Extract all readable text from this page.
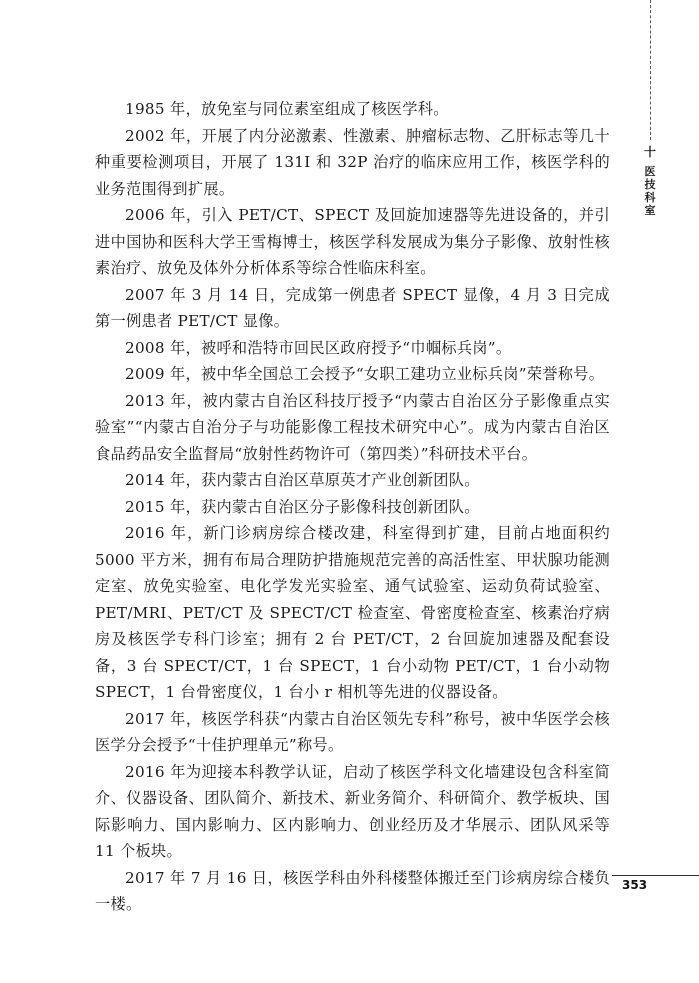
十
医
技
科
室

1985 年，放免室与同位素室组成了核医学科。

2002 年，开展了内分泌激素、性激素、肿瘤标志物、乙肝标志等几十种重要检测项目，开展了 131I 和 32P 治疗的临床应用工作，核医学科的业务范围得到扩展。

2006 年，引入 PET/CT、SPECT 及回旋加速器等先进设备的，并引进中国协和医科大学王雪梅博士，核医学科发展成为集分子影像、放射性核素治疗、放免及体外分析体系等综合性临床科室。

2007 年 3 月 14 日，完成第一例患者 SPECT 显像，4 月 3 日完成第一例患者 PET/CT 显像。

2008 年，被呼和浩特市回民区政府授予“巾帼标兵岗”。

2009 年，被中华全国总工会授予“女职工建功立业标兵岗”荣誉称号。

2013 年，被内蒙古自治区科技厅授予“内蒙古自治区分子影像重点实验室”“内蒙古自治分子与功能影像工程技术研究中心”。成为内蒙古自治区食品药品安全监督局“放射性药物许可（第四类）”科研技术平台。

2014 年，获内蒙古自治区草原英才产业创新团队。

2015 年，获内蒙古自治区分子影像科技创新团队。

2016 年，新门诊病房综合楼改建，科室得到扩建，目前占地面积约 5000 平方米，拥有布局合理防护措施规范完善的高活性室、甲状腺功能测定室、放免实验室、电化学发光实验室、通气试验室、运动负荷试验室、PET/MRI、PET/CT 及 SPECT/CT 检查室、骨密度检查室、核素治疗病房及核医学专科门诊室；拥有 2 台 PET/CT，2 台回旋加速器及配套设备，3 台 SPECT/CT，1 台 SPECT，1 台小动物 PET/CT，1 台小动物 SPECT，1 台骨密度仪，1 台小 r 相机等先进的仪器设备。

2017 年，核医学科获“内蒙古自治区领先专科”称号，被中华医学会核医学分会授予“十佳护理单元”称号。

2016 年为迎接本科教学认证，启动了核医学科文化墙建设包含科室简介、仪器设备、团队简介、新技术、新业务简介、科研简介、教学板块、国际影响力、国内影响力、区内影响力、创业经历及才华展示、团队风采等 11 个板块。

2017 年 7 月 16 日，核医学科由外科楼整体搬迁至门诊病房综合楼负一楼。

353
